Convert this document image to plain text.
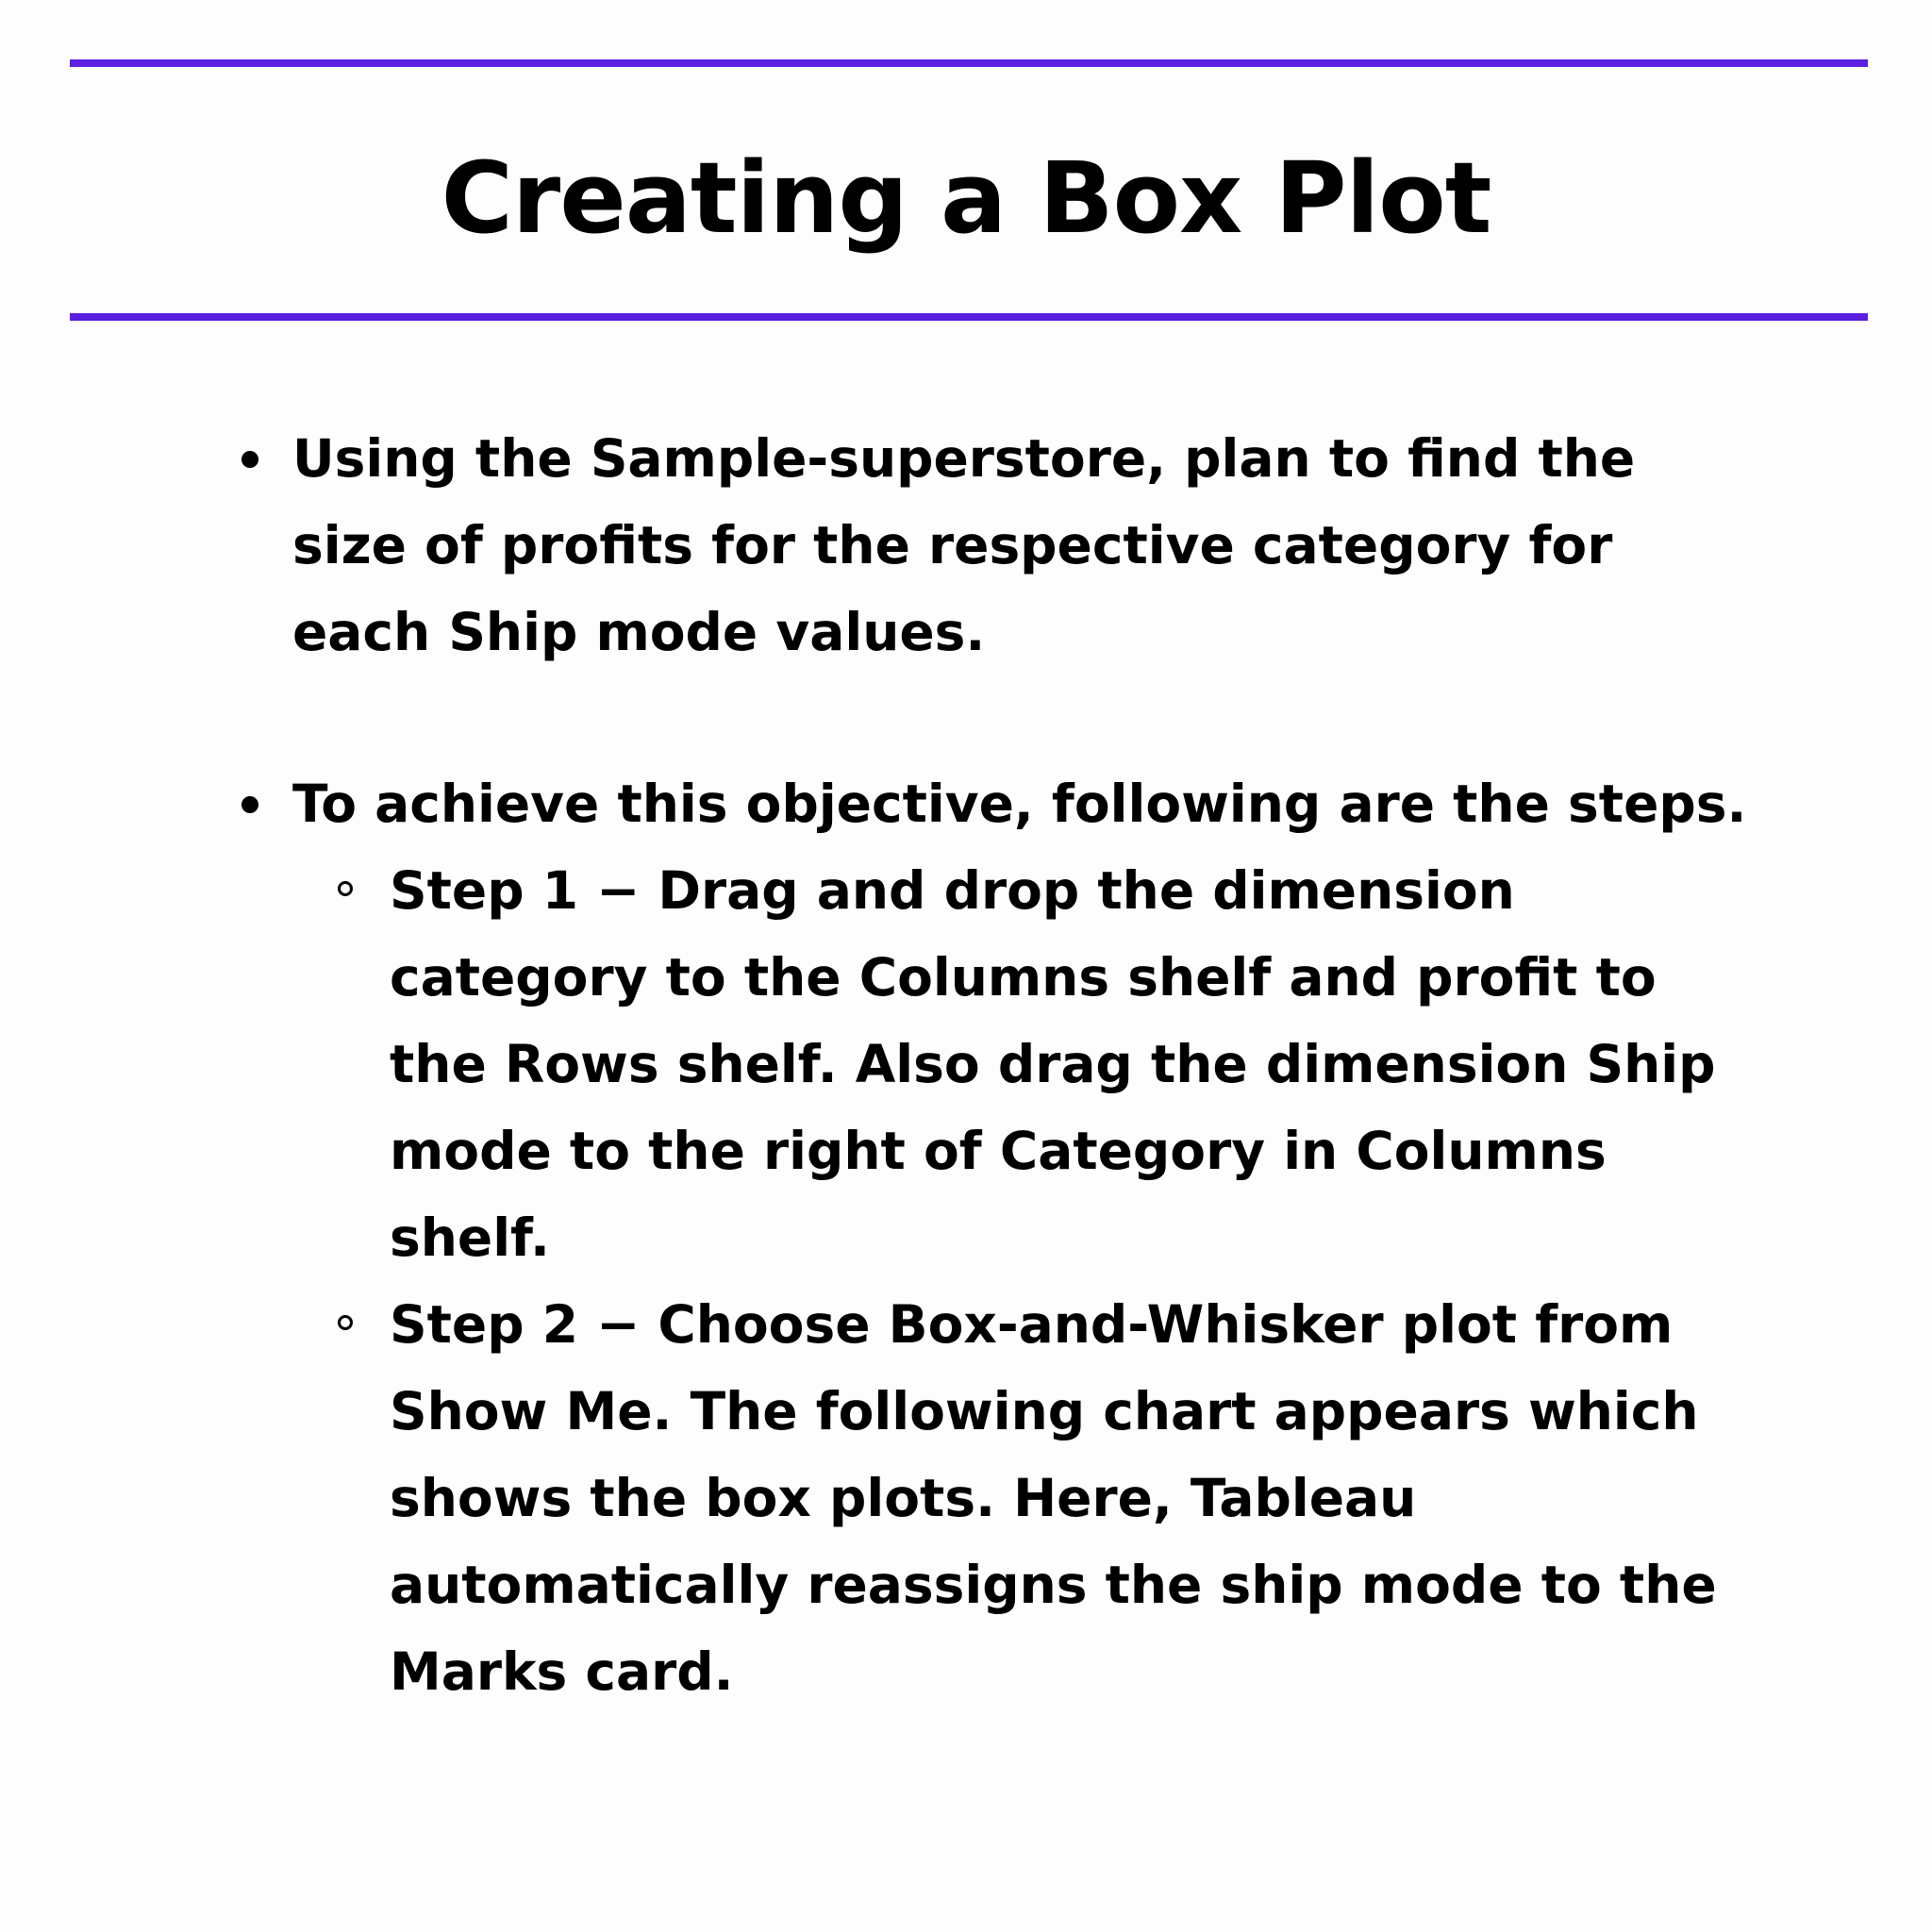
Creating a Box Plot
Using the Sample-superstore, plan to find the size of profits for the respective category for each Ship mode values.
To achieve this objective, following are the steps.
Step 1 − Drag and drop the dimension category to the Columns shelf and profit to the Rows shelf. Also drag the dimension Ship mode to the right of Category in Columns shelf.
Step 2 − Choose Box-and-Whisker plot from Show Me. The following chart appears which shows the box plots. Here, Tableau automatically reassigns the ship mode to the Marks card.
